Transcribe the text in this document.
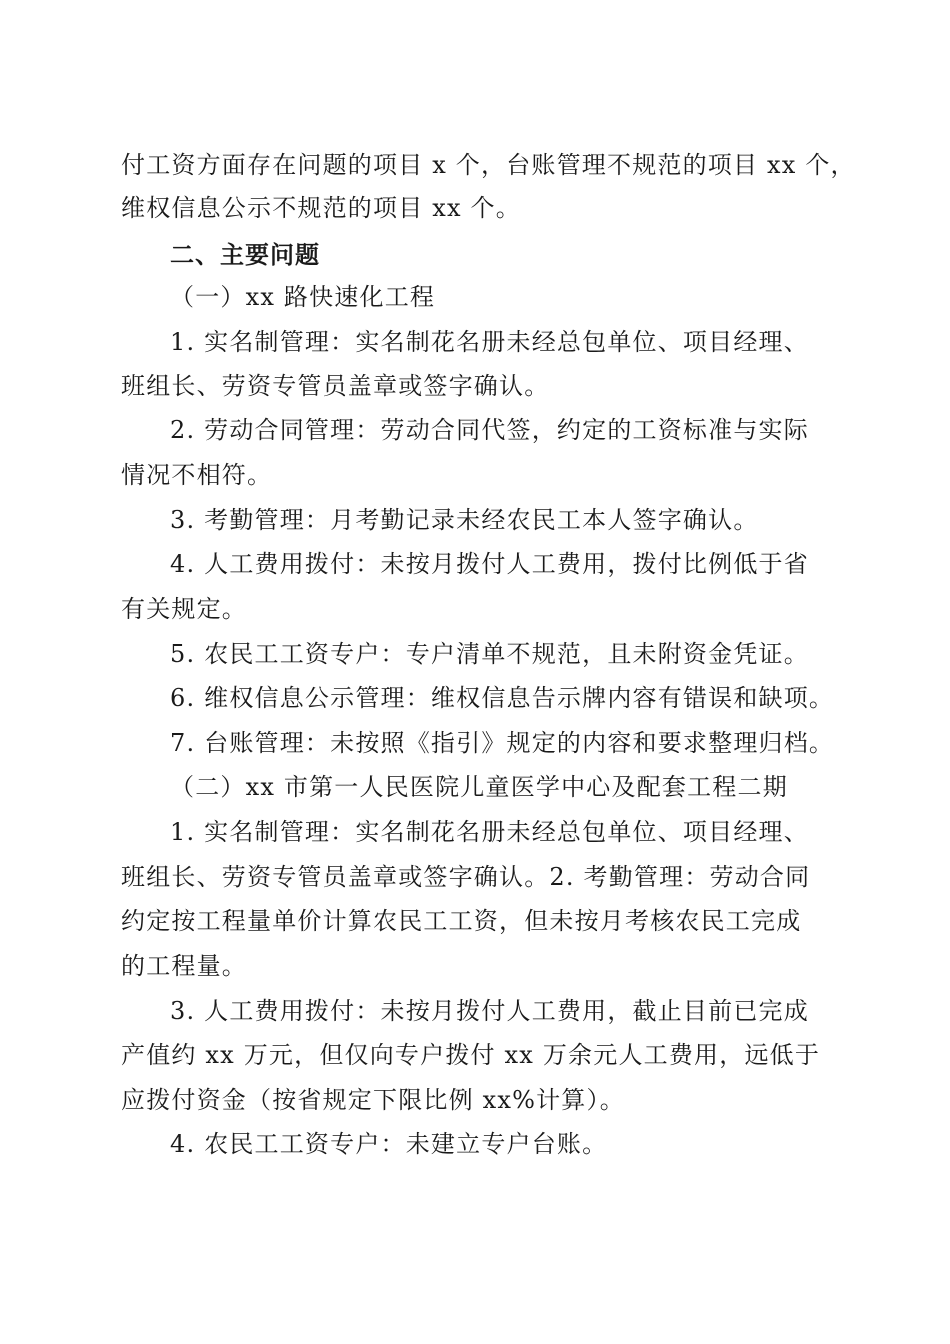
付工资方面存在问题的项目 x 个，台账管理不规范的项目 xx 个，
维权信息公示不规范的项目 xx 个。
二、主要问题
（一）xx 路快速化工程
1. 实名制管理：实名制花名册未经总包单位、项目经理、
班组长、劳资专管员盖章或签字确认。
2. 劳动合同管理：劳动合同代签，约定的工资标准与实际
情况不相符。
3. 考勤管理：月考勤记录未经农民工本人签字确认。
4. 人工费用拨付：未按月拨付人工费用，拨付比例低于省
有关规定。
5. 农民工工资专户：专户清单不规范，且未附资金凭证。
6. 维权信息公示管理：维权信息告示牌内容有错误和缺项。
7. 台账管理：未按照《指引》规定的内容和要求整理归档。
（二）xx 市第一人民医院儿童医学中心及配套工程二期
1. 实名制管理：实名制花名册未经总包单位、项目经理、
班组长、劳资专管员盖章或签字确认。2. 考勤管理：劳动合同
约定按工程量单价计算农民工工资，但未按月考核农民工完成
的工程量。
3. 人工费用拨付：未按月拨付人工费用，截止目前已完成
产值约 xx 万元，但仅向专户拨付 xx 万余元人工费用，远低于
应拨付资金（按省规定下限比例 xx%计算）。
4. 农民工工资专户：未建立专户台账。
